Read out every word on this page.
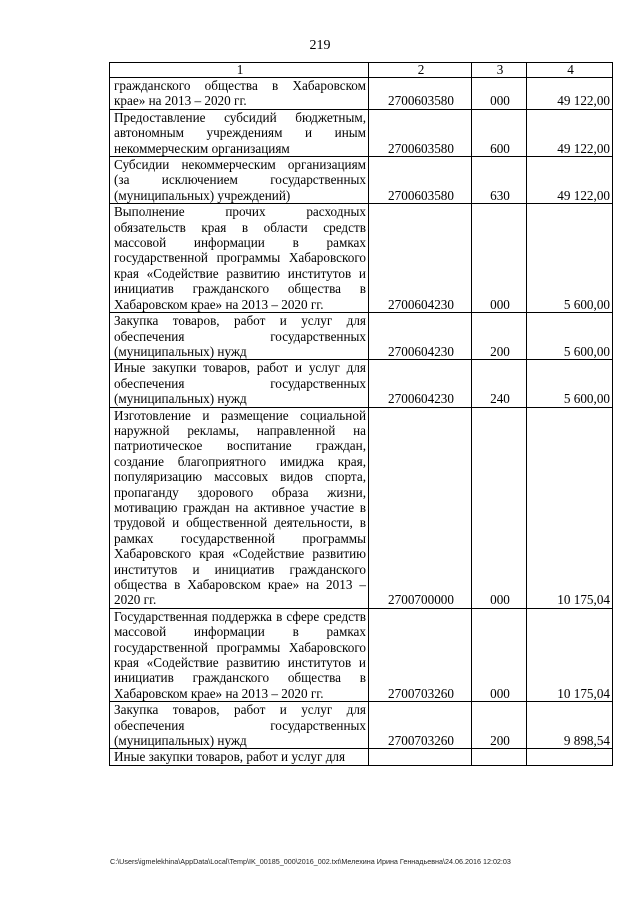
219
1	2	3	4
гражданского общества в Хабаровском крае» на 2013 – 2020 гг.	2700603580	000	49 122,00
Предоставление субсидий бюджетным, автономным учреждениям и иным некоммерческим организациям	2700603580	600	49 122,00
Субсидии некоммерческим организациям (за исключением государственных (муниципальных) учреждений)	2700603580	630	49 122,00
Выполнение прочих расходных обязательств края в области средств массовой информации в рамках государственной программы Хабаровского края «Содействие развитию институтов и инициатив гражданского общества в Хабаровском крае» на 2013 – 2020 гг.	2700604230	000	5 600,00
Закупка товаров, работ и услуг для обеспечения государственных (муниципальных) нужд	2700604230	200	5 600,00
Иные закупки товаров, работ и услуг для обеспечения государственных (муниципальных) нужд	2700604230	240	5 600,00
Изготовление и размещение социальной наружной рекламы, направленной на патриотическое воспитание граждан, создание благоприятного имиджа края, популяризацию массовых видов спорта, пропаганду здорового образа жизни, мотивацию граждан на активное участие в трудовой и общественной деятельности, в рамках государственной программы Хабаровского края «Содействие развитию институтов и инициатив гражданского общества в Хабаровском крае» на 2013 – 2020 гг.	2700700000	000	10 175,04
Государственная поддержка в сфере средств массовой информации в рамках государственной программы Хабаровского края «Содействие развитию институтов и инициатив гражданского общества в Хабаровском крае» на 2013 – 2020 гг.	2700703260	000	10 175,04
Закупка товаров, работ и услуг для обеспечения государственных (муниципальных) нужд	2700703260	200	9 898,54
Иные закупки товаров, работ и услуг для			
C:\Users\igmelekhina\AppData\Local\Temp\IK_00185_000\2016_002.txt\Мелехина Ирина Геннадьевна\24.06.2016 12:02:03
